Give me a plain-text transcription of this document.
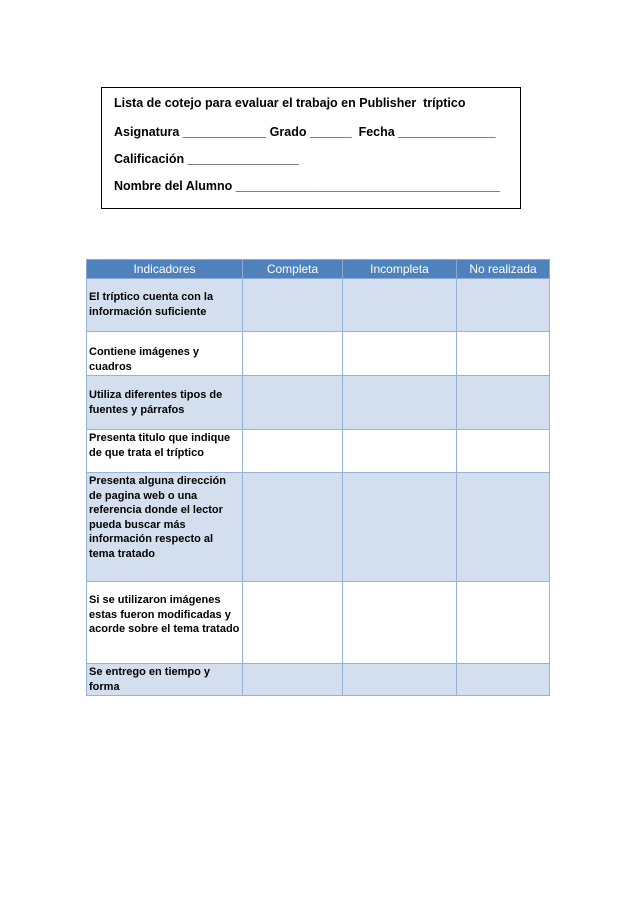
Lista de cotejo para evaluar el trabajo en Publisher  tríptico
Asignatura ____________ Grado ______  Fecha ______________
Calificación ________________
Nombre del Alumno ______________________________________
Indicadores	Completa	Incompleta	No realizada
El tríptico cuenta con la información suficiente			
Contiene imágenes y cuadros			
Utiliza diferentes tipos de fuentes y párrafos			
Presenta titulo que indique de que trata el tríptico			
Presenta alguna dirección de pagina web o una referencia donde el lector pueda buscar más información respecto al tema tratado			
Si se utilizaron imágenes estas fueron modificadas y acorde sobre el tema tratado			
Se entrego en tiempo y forma			
